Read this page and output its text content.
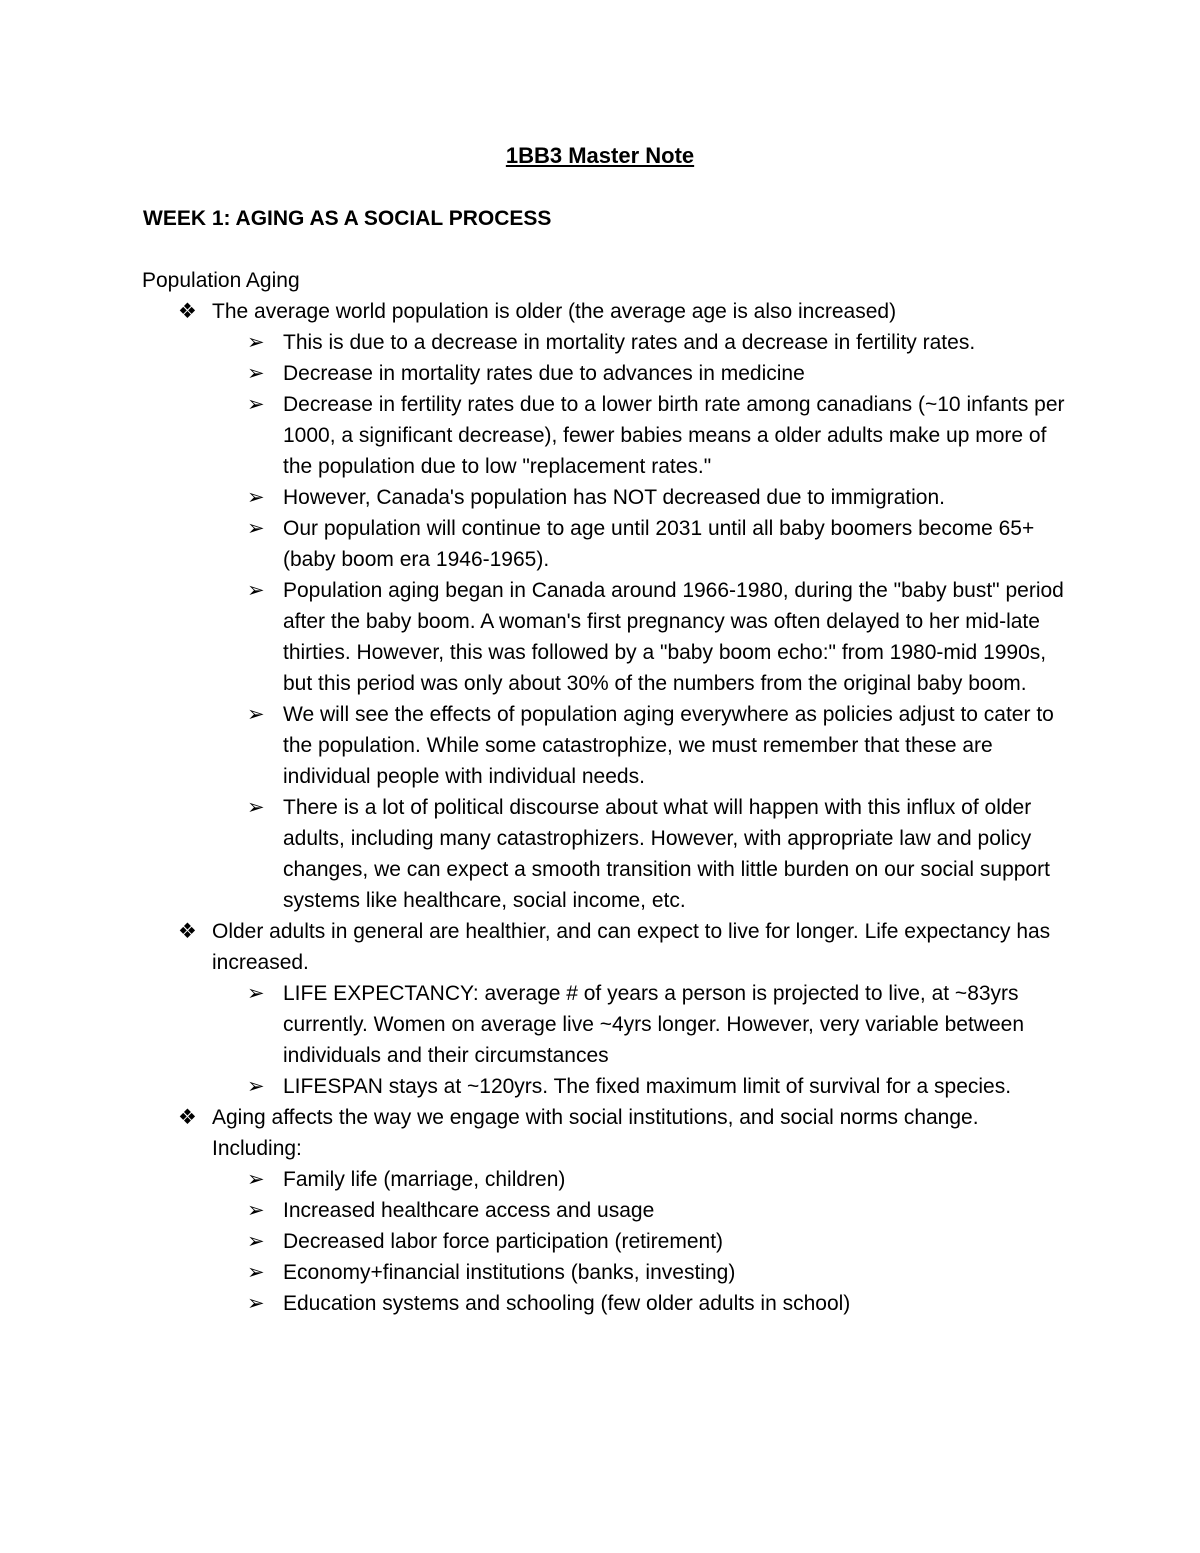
1BB3 Master Note
WEEK 1: AGING AS A SOCIAL PROCESS
Population Aging
❖ The average world population is older (the average age is also increased)
➢ This is due to a decrease in mortality rates and a decrease in fertility rates.
➢ Decrease in mortality rates due to advances in medicine
➢ Decrease in fertility rates due to a lower birth rate among canadians (~10 infants per 1000, a significant decrease), fewer babies means a older adults make up more of the population due to low "replacement rates."
➢ However, Canada's population has NOT decreased due to immigration.
➢ Our population will continue to age until 2031 until all baby boomers become 65+ (baby boom era 1946-1965).
➢ Population aging began in Canada around 1966-1980, during the "baby bust" period after the baby boom. A woman's first pregnancy was often delayed to her mid-late thirties. However, this was followed by a "baby boom echo:" from 1980-mid 1990s, but this period was only about 30% of the numbers from the original baby boom.
➢ We will see the effects of population aging everywhere as policies adjust to cater to the population. While some catastrophize, we must remember that these are individual people with individual needs.
➢ There is a lot of political discourse about what will happen with this influx of older adults, including many catastrophizers. However, with appropriate law and policy changes, we can expect a smooth transition with little burden on our social support systems like healthcare, social income, etc.
❖ Older adults in general are healthier, and can expect to live for longer. Life expectancy has increased.
➢ LIFE EXPECTANCY: average # of years a person is projected to live, at ~83yrs currently. Women on average live ~4yrs longer. However, very variable between individuals and their circumstances
➢ LIFESPAN stays at ~120yrs. The fixed maximum limit of survival for a species.
❖ Aging affects the way we engage with social institutions, and social norms change. Including:
➢ Family life (marriage, children)
➢ Increased healthcare access and usage
➢ Decreased labor force participation (retirement)
➢ Economy+financial institutions (banks, investing)
➢ Education systems and schooling (few older adults in school)
